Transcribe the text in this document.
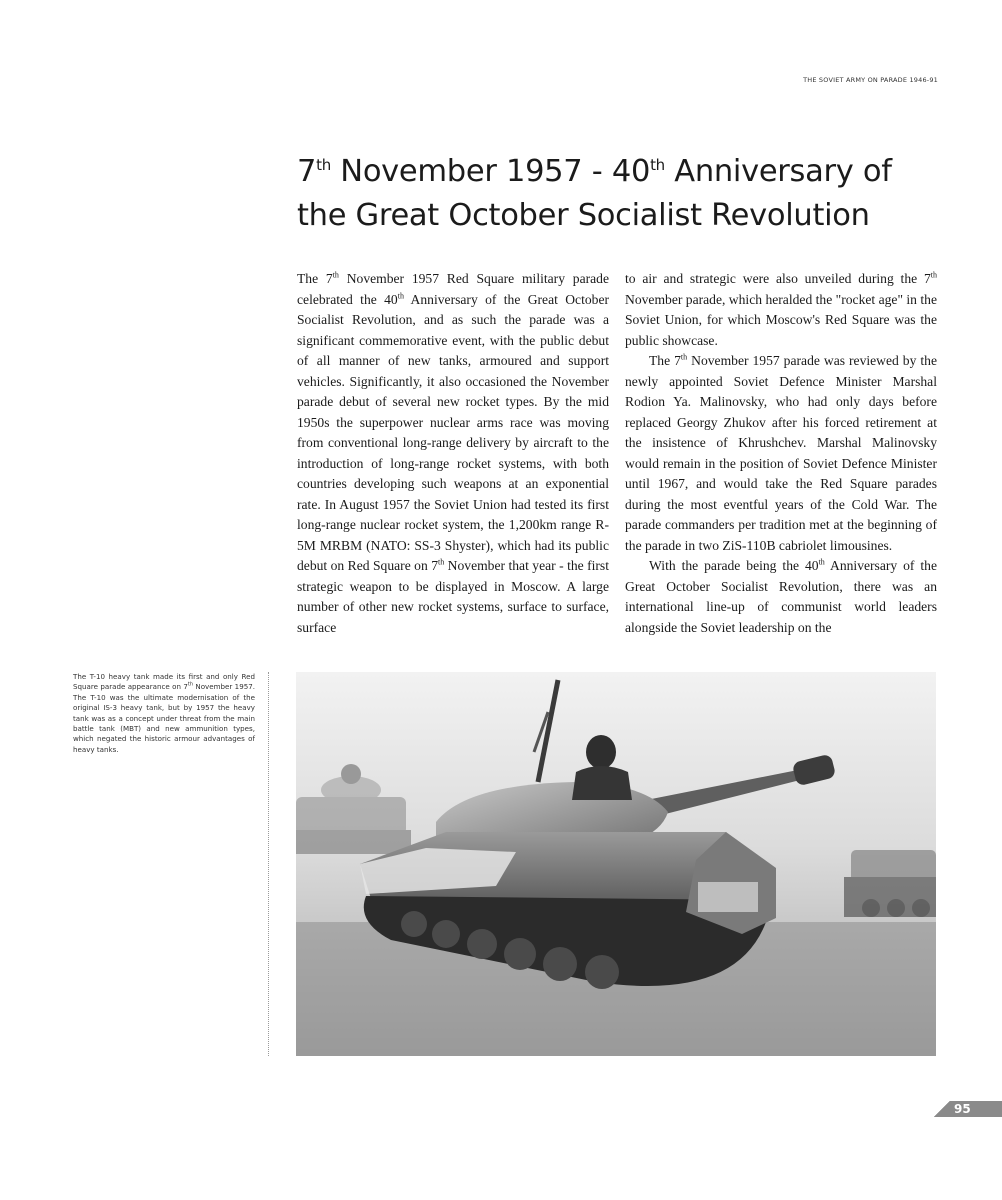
THE SOVIET ARMY ON PARADE 1946-91
7th November 1957 - 40th Anniversary of
the Great October Socialist Revolution

The 7th November 1957 Red Square military parade celebrated the 40th Anniversary of the Great October Socialist Revolution, and as such the parade was a significant commemorative event, with the public debut of all manner of new tanks, armoured and support vehicles. Significantly, it also occasioned the November parade debut of several new rocket types. By the mid 1950s the superpower nuclear arms race was moving from conventional long-range delivery by aircraft to the introduction of long-range rocket systems, with both countries developing such weapons at an exponential rate. In August 1957 the Soviet Union had tested its first long-range nuclear rocket system, the 1,200km range R-5M MRBM (NATO: SS-3 Shyster), which had its public debut on Red Square on 7th November that year - the first strategic weapon to be displayed in Moscow. A large number of other new rocket systems, surface to surface, surface

to air and strategic were also unveiled during the 7th November parade, which heralded the "rocket age" in the Soviet Union, for which Moscow's Red Square was the public showcase.

The 7th November 1957 parade was reviewed by the newly appointed Soviet Defence Minister Marshal Rodion Ya. Malinovsky, who had only days before replaced Georgy Zhukov after his forced retirement at the insistence of Khrushchev. Marshal Malinovsky would remain in the position of Soviet Defence Minister until 1967, and would take the Red Square parades during the most eventful years of the Cold War. The parade commanders per tradition met at the beginning of the parade in two ZiS-110B cabriolet limousines.

With the parade being the 40th Anniversary of the Great October Socialist Revolution, there was an international line-up of communist world leaders alongside the Soviet leadership on the

The T-10 heavy tank made its first and only Red Square parade appearance on 7th November 1957. The T-10 was the ultimate modernisation of the original IS-3 heavy tank, but by 1957 the heavy tank was as a concept under threat from the main battle tank (MBT) and new ammunition types, which negated the historic armour advantages of heavy tanks.
95
